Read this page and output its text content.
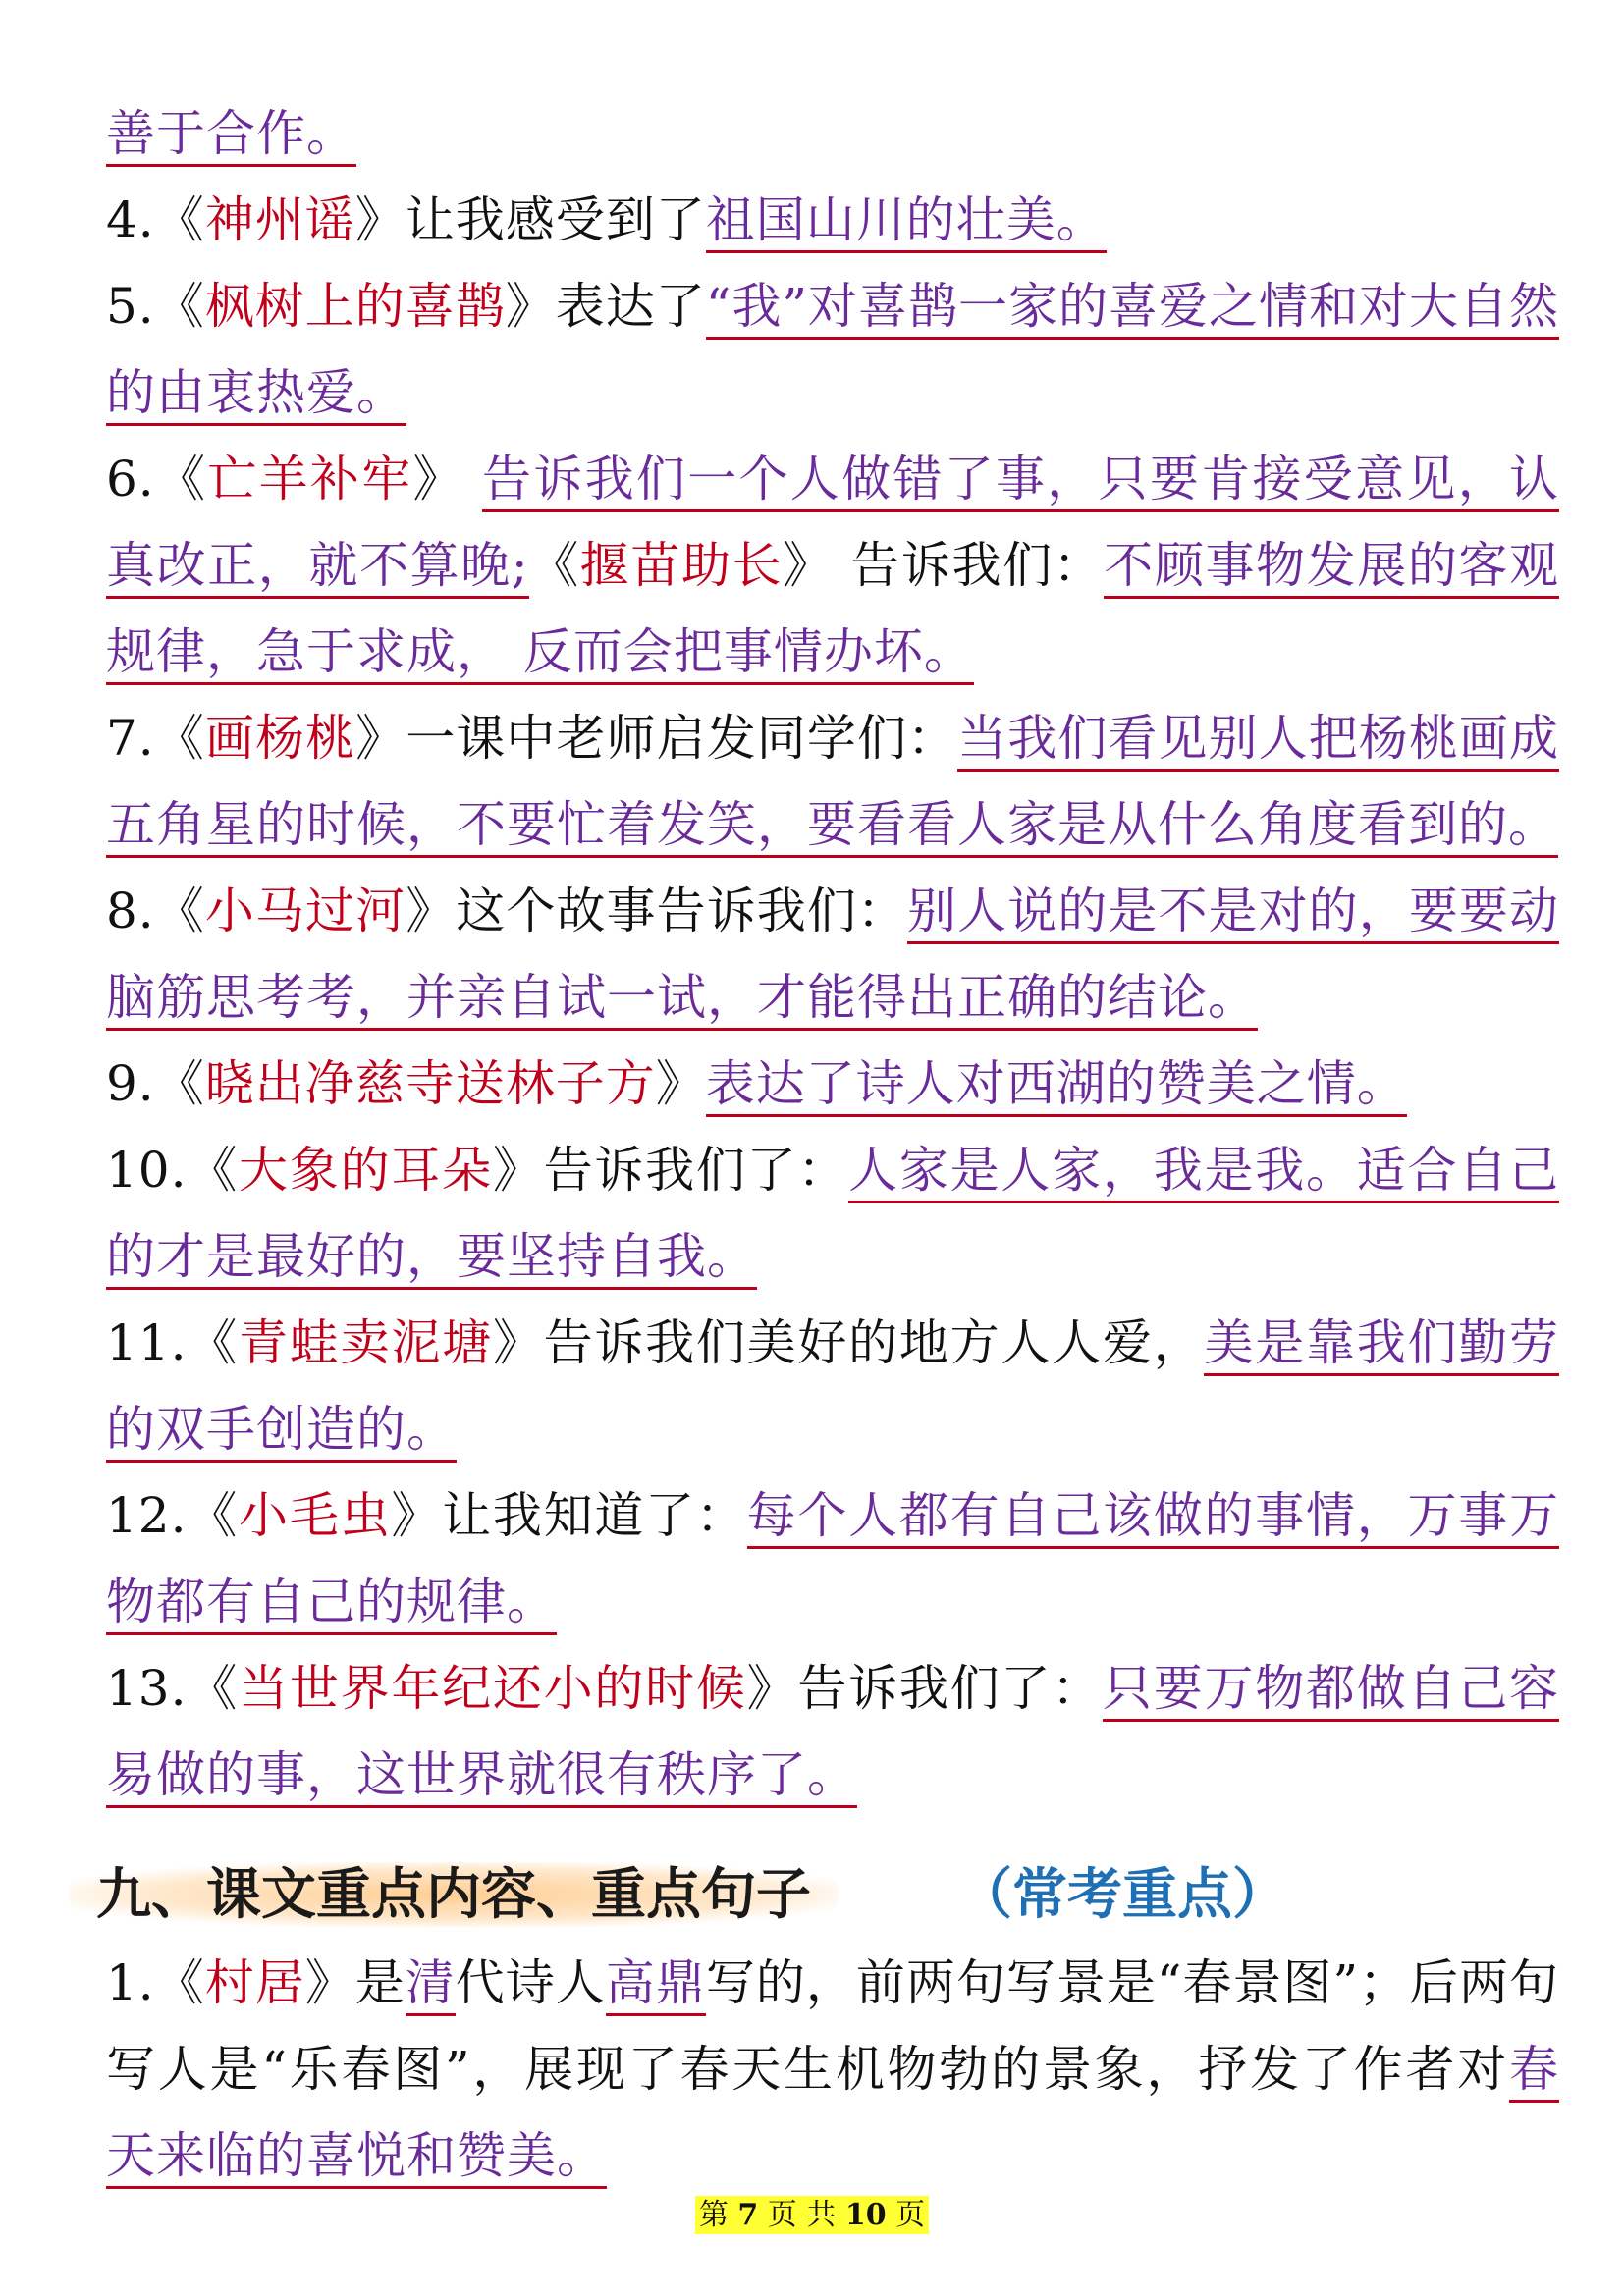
善于合作。
4.《神州谣》让我感受到了祖国山川的壮美。
5.《枫树上的喜鹊》表达了“我”对喜鹊一家的喜爱之情和对大自然的由衷热爱。
6.《亡羊补牢》 告诉我们一个人做错了事，只要肯接受意见，认真改正，就不算晚;《揠苗助长》 告诉我们：不顾事物发展的客观规律，急于求成， 反而会把事情办坏。
7.《画杨桃》一课中老师启发同学们：当我们看见别人把杨桃画成五角星的时候，不要忙着发笑，要看看人家是从什么角度看到的。
8.《小马过河》这个故事告诉我们：别人说的是不是对的，要要动脑筋思考考，并亲自试一试，才能得出正确的结论。
9.《晓出净慈寺送林子方》表达了诗人对西湖的赞美之情。
10.《大象的耳朵》告诉我们了：人家是人家，我是我。适合自己的才是最好的，要坚持自我。
11.《青蛙卖泥塘》告诉我们美好的地方人人爱，美是靠我们勤劳的双手创造的。
12.《小毛虫》让我知道了：每个人都有自己该做的事情，万事万物都有自己的规律。
13.《当世界年纪还小的时候》告诉我们了：只要万物都做自己容易做的事，这世界就很有秩序了。
九、课文重点内容、重点句子	（常考重点）
1.《村居》是清代诗人高鼎写的，前两句写景是“春景图”；后两句写人是“乐春图”，展现了春天生机物勃的景象，抒发了作者对春天来临的喜悦和赞美。
第 7 页 共 10 页
